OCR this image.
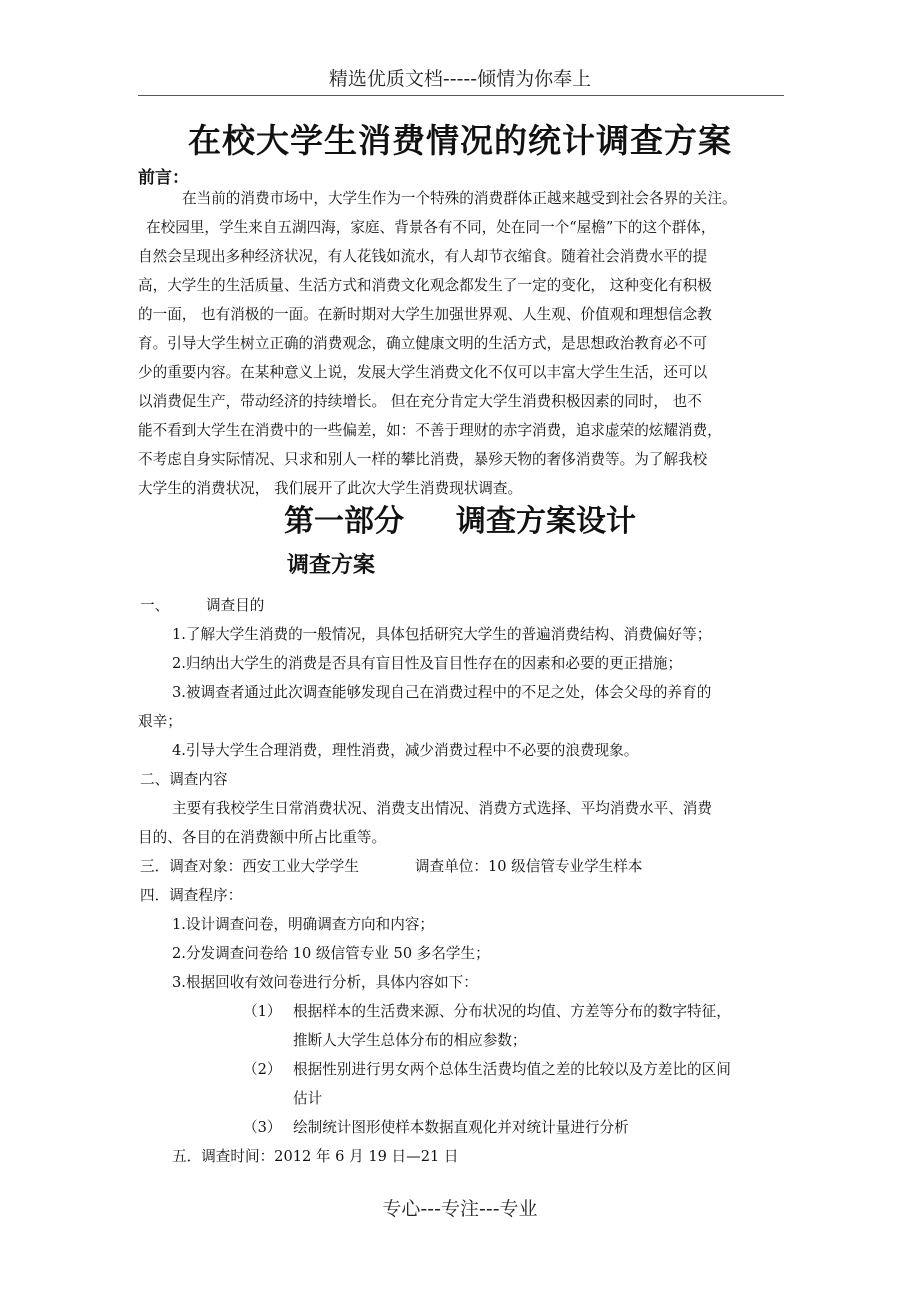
精选优质文档-----倾情为你奉上
在校大学生消费情况的统计调查方案
前言：
在当前的消费市场中，大学生作为一个特殊的消费群体正越来越受到社会各界的关注。
在校园里，学生来自五湖四海，家庭、背景各有不同，处在同一个“屋檐”下的这个群体，
自然会呈现出多种经济状况，有人花钱如流水，有人却节衣缩食。随着社会消费水平的提
高，大学生的生活质量、生活方式和消费文化观念都发生了一定的变化， 这种变化有积极
的一面， 也有消极的一面。在新时期对大学生加强世界观、人生观、价值观和理想信念教
育。引导大学生树立正确的消费观念，确立健康文明的生活方式，是思想政治教育必不可
少的重要内容。在某种意义上说，发展大学生消费文化不仅可以丰富大学生生活，还可以
以消费促生产，带动经济的持续增长。 但在充分肯定大学生消费积极因素的同时， 也不
能不看到大学生在消费中的一些偏差，如：不善于理财的赤字消费，追求虚荣的炫耀消费，
不考虑自身实际情况、只求和别人一样的攀比消费，暴殄天物的奢侈消费等。为了解我校
大学生的消费状况， 我们展开了此次大学生消费现状调查。
第一部分 调查方案设计
调查方案
一、	调查目的
1.了解大学生消费的一般情况，具体包括研究大学生的普遍消费结构、消费偏好等；
2.归纳出大学生的消费是否具有盲目性及盲目性存在的因素和必要的更正措施；
3.被调查者通过此次调查能够发现自己在消费过程中的不足之处，体会父母的养育的
艰辛；
4.引导大学生合理消费，理性消费，减少消费过程中不必要的浪费现象。
二、调查内容
主要有我校学生日常消费状况、消费支出情况、消费方式选择、平均消费水平、消费
目的、各目的在消费额中所占比重等。
三．调查对象：西安工业大学学生	调查单位：10 级信管专业学生样本
四．调查程序：
1.设计调查问卷，明确调查方向和内容；
2.分发调查问卷给 10 级信管专业 50 多名学生；
3.根据回收有效问卷进行分析，具体内容如下：
（1） 根据样本的生活费来源、分布状况的均值、方差等分布的数字特征，
推断人大学生总体分布的相应参数；
（2） 根据性别进行男女两个总体生活费均值之差的比较以及方差比的区间
估计
（3） 绘制统计图形使样本数据直观化并对统计量进行分析
五．调查时间：2012 年 6 月 19 日—21 日
专心---专注---专业
